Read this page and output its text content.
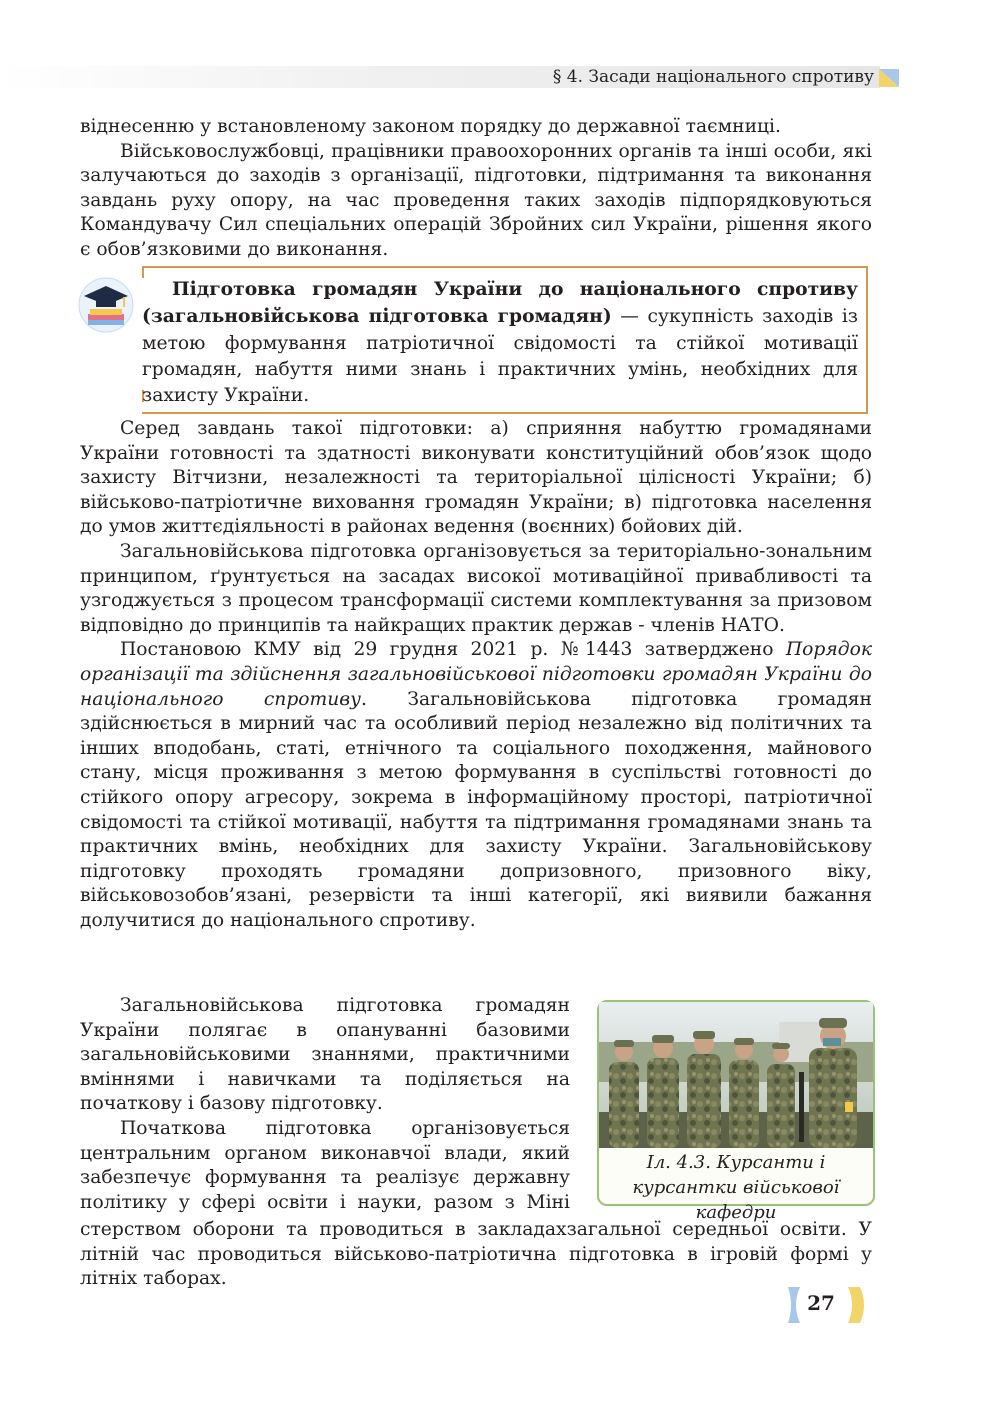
§ 4. Засади національного спротиву

віднесенню у встановленому законом порядку до державної таємниці.

Військовослужбовці, працівники правоохоронних органів та інші особи, які залучаються до заходів з організації, підготовки, підтримання та виконання завдань руху опору, на час проведення таких заходів підпорядковуються Командувачу Сил спеціальних операцій Збройних сил України, рішення якого є обов’язковими до виконання.

Підготовка громадян України до національного спротиву (загальновійськова підготовка громадян) — сукупність заходів із метою формування патріотичної свідомості та стійкої мотивації громадян, набуття ними знань і практичних умінь, необхідних для захисту України.

Серед завдань такої підготовки: а) сприяння набуттю громадянами України готовності та здатності виконувати конституційний обов’язок щодо захисту Вітчизни, незалежності та територіальної цілісності України; б) військово-патріотичне виховання громадян України; в) підготовка населення до умов життєдіяльності в районах ведення (воєнних) бойових дій.

Загальновійськова підготовка організовується за територіально-зональним принципом, ґрунтується на засадах високої мотиваційної привабливості та узгоджується з процесом трансформації системи комплектування за призовом відповідно до принципів та найкращих практик держав - членів НАТО.

Постановою КМУ від 29 грудня 2021 р. №1443 затверджено Порядок організації та здійснення загальновійськової підготовки громадян України до національного спротиву. Загальновійськова підготовка громадян здійснюється в мирний час та особливий період незалежно від політичних та інших вподобань, статі, етнічного та соціального походження, майнового стану, місця проживання з метою формування в суспільстві готовності до стійкого опору агресору, зокрема в інформаційному просторі, патріотичної свідомості та стійкої мотивації, набуття та підтримання громадянами знань та практичних вмінь, необхідних для захисту України. Загальновійськову підготовку проходять громадяни допризовного, призовного віку, військовозобов’язані, резервісти та інші категорії, які виявили бажання долучитися до національного спротиву.

Загальновійськова підготовка громадян України полягає в опануванні базовими загальновійськовими знаннями, практичними вміннями і навичками та поділяється на початкову і базову підготовку.

Початкова підготовка організовується центральним органом виконавчої влади, який забезпечує формування та реалізує державну політику у сфері освіти і науки, разом з Міні

Іл. 4.3. Курсанти і курсантки військової кафедри

стерством оборони та проводиться в закладахзагальної середньої освіти. У літній час проводиться військово-патріотична підготовка в ігровій формі у літніх таборах.

27
